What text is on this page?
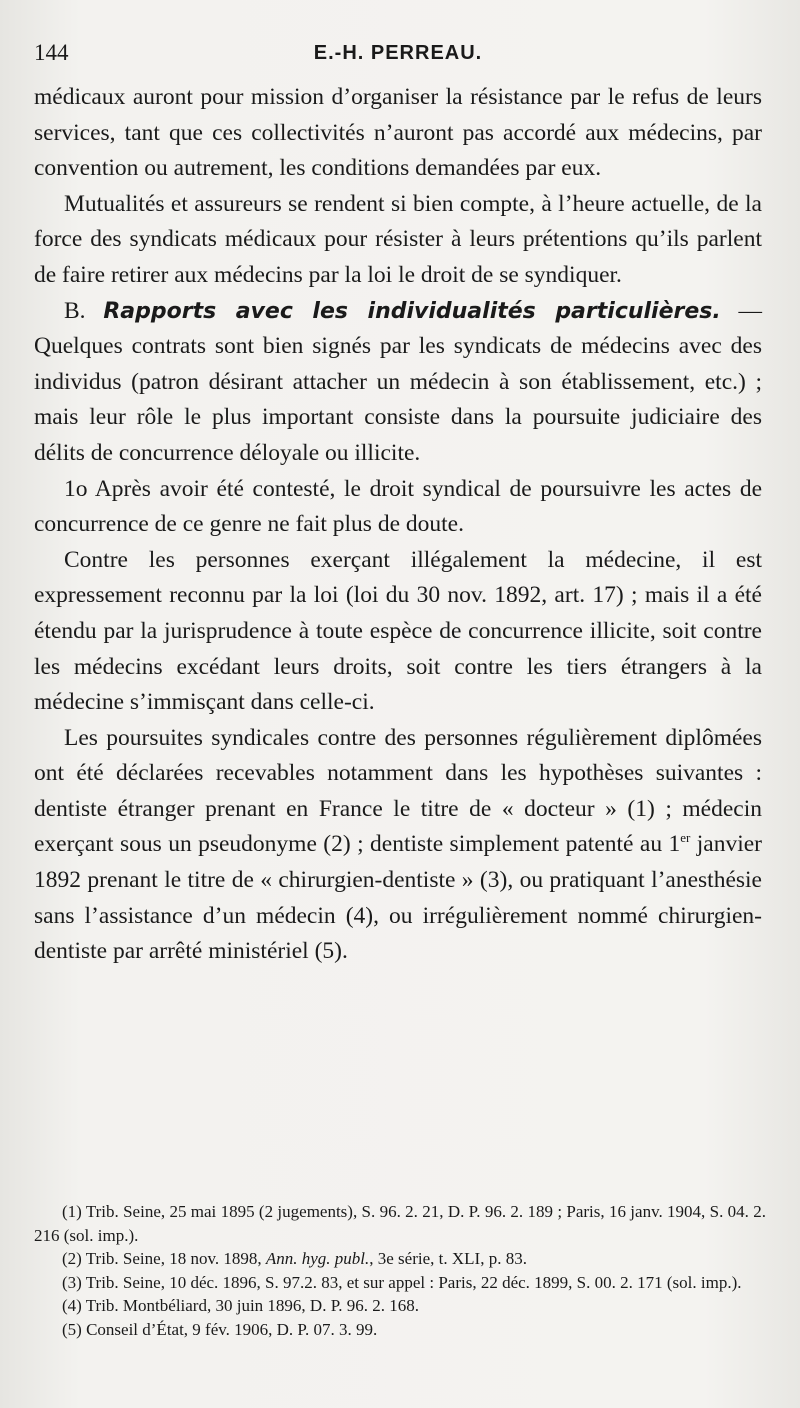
144	E.-H. PERREAU.

médicaux auront pour mission d’organiser la résistance par le refus de leurs services, tant que ces collectivités n’auront pas accordé aux médecins, par convention ou autrement, les conditions demandées par eux.

Mutualités et assureurs se rendent si bien compte, à l’heure actuelle, de la force des syndicats médicaux pour résister à leurs prétentions qu’ils parlent de faire retirer aux médecins par la loi le droit de se syndiquer.

B. Rapports avec les individualités particulières. — Quelques contrats sont bien signés par les syndicats de médecins avec des individus (patron désirant attacher un médecin à son établissement, etc.) ; mais leur rôle le plus important consiste dans la poursuite judiciaire des délits de concurrence déloyale ou illicite.

1o Après avoir été contesté, le droit syndical de poursuivre les actes de concurrence de ce genre ne fait plus de doute.

Contre les personnes exerçant illégalement la médecine, il est expressement reconnu par la loi (loi du 30 nov. 1892, art. 17) ; mais il a été étendu par la jurisprudence à toute espèce de concurrence illicite, soit contre les médecins excédant leurs droits, soit contre les tiers étrangers à la médecine s’immisçant dans celle-ci.

Les poursuites syndicales contre des personnes régulièrement diplômées ont été déclarées recevables notamment dans les hypothèses suivantes : dentiste étranger prenant en France le titre de « docteur » (1) ; médecin exerçant sous un pseudonyme (2) ; dentiste simplement patenté au 1er janvier 1892 prenant le titre de « chirurgien-dentiste » (3), ou pratiquant l’anesthésie sans l’assistance d’un médecin (4), ou irrégulièrement nommé chirurgien-dentiste par arrêté ministériel (5).

(1) Trib. Seine, 25 mai 1895 (2 jugements), S. 96. 2. 21, D. P. 96. 2. 189 ; Paris, 16 janv. 1904, S. 04. 2. 216 (sol. imp.).

(2) Trib. Seine, 18 nov. 1898, Ann. hyg. publ., 3e série, t. XLI, p. 83.

(3) Trib. Seine, 10 déc. 1896, S. 97.2. 83, et sur appel : Paris, 22 déc. 1899, S. 00. 2. 171 (sol. imp.).

(4) Trib. Montbéliard, 30 juin 1896, D. P. 96. 2. 168.

(5) Conseil d’État, 9 fév. 1906, D. P. 07. 3. 99.
